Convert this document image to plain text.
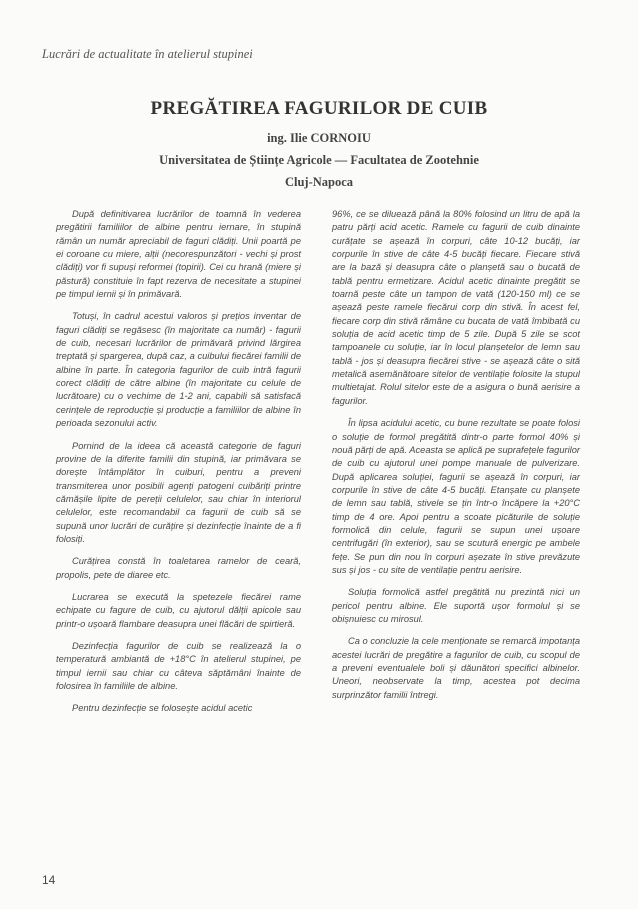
Lucrări de actualitate în atelierul stupinei
PREGĂTIREA FAGURILOR DE CUIB
ing. Ilie CORNOIU
Universitatea de Științe Agricole — Facultatea de Zootehnie
Cluj-Napoca

După definitivarea lucrărilor de toamnă în vederea pregătirii familiilor de albine pentru iernare, în stupină rămân un număr apreciabil de faguri clădiți. Unii poartă pe ei coroane cu miere, alții (necorespunzători - vechi și prost clădiți) vor fi supuși reformei (topirii). Cei cu hrană (miere și păstură) constituie în fapt rezerva de necesitate a stupinei pe timpul iernii și în primăvară.

Totuși, în cadrul acestui valoros și prețios inventar de faguri clădiți se regăsesc (în majoritate ca număr) - fagurii de cuib, necesari lucrărilor de primăvară privind lărgirea treptată și spargerea, după caz, a cuibului fiecărei familii de albine în parte. În categoria fagurilor de cuib intră fagurii corect clădiți de către albine (în majoritate cu celule de lucrătoare) cu o vechime de 1-2 ani, capabili să satisfacă cerințele de reproducție și producție a familiilor de albine în perioada sezonului activ.

Pornind de la ideea că această categorie de faguri provine de la diferite familii din stupină, iar primăvara se dorește întâmplător în cuiburi, pentru a preveni transmiterea unor posibili agenți patogeni cuibăriți printre cămășile lipite de pereții celulelor, sau chiar în interiorul celulelor, este recomandabil ca fagurii de cuib să se supună unor lucrări de curățire și dezinfecție înainte de a fi folosiți.

Curățirea constă în toaletarea ramelor de ceară, propolis, pete de diaree etc.

Lucrarea se execută la spetezele fiecărei rame echipate cu fagure de cuib, cu ajutorul dălții apicole sau printr-o ușoară flambare deasupra unei flăcări de spirtieră.

Dezinfecția fagurilor de cuib se realizează la o temperatură ambiantă de +18°C în atelierul stupinei, pe timpul iernii sau chiar cu câteva săptămâni înainte de folosirea în familiile de albine.

Pentru dezinfecție se folosește acidul acetic

96%, ce se diluează până la 80% folosind un litru de apă la patru părți acid acetic. Ramele cu fagurii de cuib dinainte curățate se așează în corpuri, câte 10-12 bucăți, iar corpurile în stive de câte 4-5 bucăți fiecare. Fiecare stivă are la bază și deasupra câte o planșetă sau o bucată de tablă pentru ermetizare. Acidul acetic dinainte pregătit se toarnă peste câte un tampon de vată (120-150 ml) ce se așează peste ramele fiecărui corp din stivă. În acest fel, fiecare corp din stivă rămâne cu bucata de vată îmbibată cu soluția de acid acetic timp de 5 zile. După 5 zile se scot tampoanele cu soluție, iar în locul planșetelor de lemn sau tablă - jos și deasupra fiecărei stive - se așează câte o sită metalică asemănătoare sitelor de ventilație folosite la stupul multietajat. Rolul sitelor este de a asigura o bună aerisire a fagurilor.

În lipsa acidului acetic, cu bune rezultate se poate folosi o soluție de formol pregătită dintr-o parte formol 40% și nouă părți de apă. Aceasta se aplică pe suprafețele fagurilor de cuib cu ajutorul unei pompe manuale de pulverizare. După aplicarea soluției, fagurii se așează în corpuri, iar corpurile în stive de câte 4-5 bucăți. Etanșate cu planșete de lemn sau tablă, stivele se țin într-o încăpere la +20°C timp de 4 ore. Apoi pentru a scoate picăturile de soluție formolică din celule, fagurii se supun unei ușoare centrifugări (în exterior), sau se scutură energic pe ambele fețe. Se pun din nou în corpuri așezate în stive prevăzute sus și jos - cu site de ventilație pentru aerisire.

Soluția formolică astfel pregătită nu prezintă nici un pericol pentru albine. Ele suportă ușor formolul și se obișnuiesc cu mirosul.

Ca o concluzie la cele menționate se remarcă impotanța acestei lucrări de pregătire a fagurilor de cuib, cu scopul de a preveni eventualele boli și dăunători specifici albinelor. Uneori, neobservate la timp, acestea pot decima surprinzător familii întregi.

14
